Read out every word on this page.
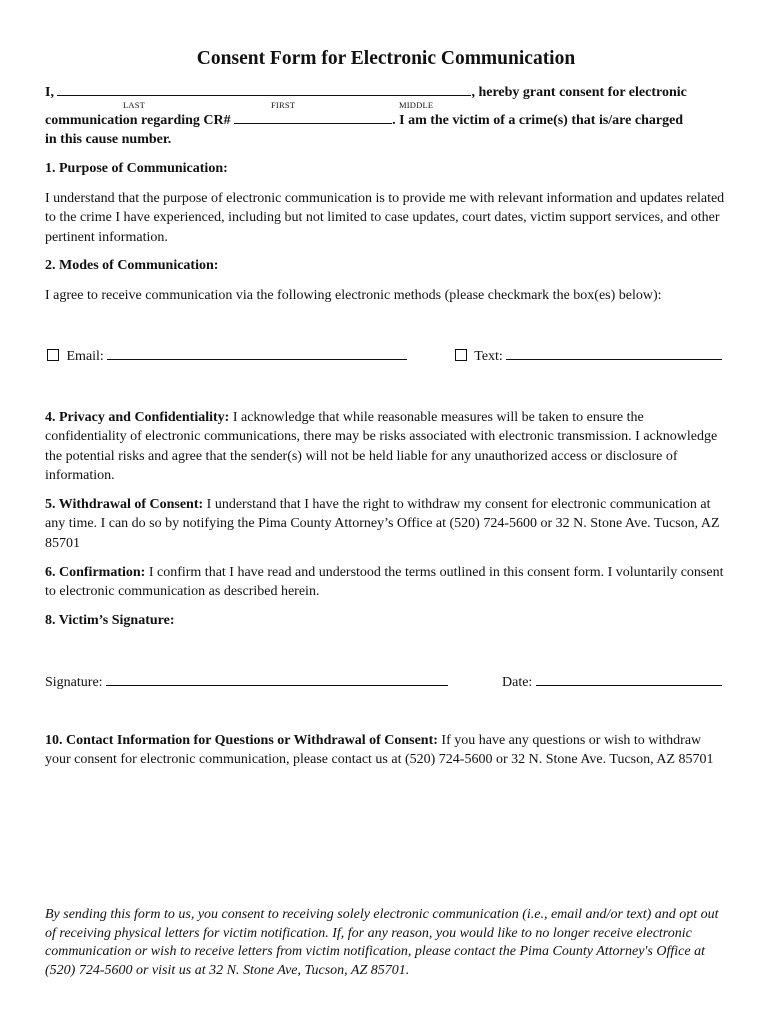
Consent Form for Electronic Communication
I,	, hereby grant consent for electronic
LAST	FIRST	MIDDLE
communication regarding CR#	. I am the victim of a crime(s) that is/are charged
in this cause number.
1. Purpose of Communication:
I understand that the purpose of electronic communication is to provide me with relevant information and updates related to the crime I have experienced, including but not limited to case updates, court dates, victim support services, and other pertinent information.
2. Modes of Communication:
I agree to receive communication via the following electronic methods (please checkmark the box(es) below):
Email:	Text:
4. Privacy and Confidentiality: I acknowledge that while reasonable measures will be taken to ensure the confidentiality of electronic communications, there may be risks associated with electronic transmission. I acknowledge the potential risks and agree that the sender(s) will not be held liable for any unauthorized access or disclosure of information.
5. Withdrawal of Consent: I understand that I have the right to withdraw my consent for electronic communication at any time. I can do so by notifying the Pima County Attorney’s Office at (520) 724-5600 or 32 N. Stone Ave. Tucson, AZ 85701
6. Confirmation: I confirm that I have read and understood the terms outlined in this consent form. I voluntarily consent to electronic communication as described herein.
8. Victim’s Signature:
Signature:	Date:
10. Contact Information for Questions or Withdrawal of Consent: If you have any questions or wish to withdraw your consent for electronic communication, please contact us at (520) 724-5600 or 32 N. Stone Ave. Tucson, AZ 85701
By sending this form to us, you consent to receiving solely electronic communication (i.e., email and/or text) and opt out of receiving physical letters for victim notification. If, for any reason, you would like to no longer receive electronic communication or wish to receive letters from victim notification, please contact the Pima County Attorney's Office at (520) 724-5600 or visit us at 32 N. Stone Ave, Tucson, AZ 85701.
